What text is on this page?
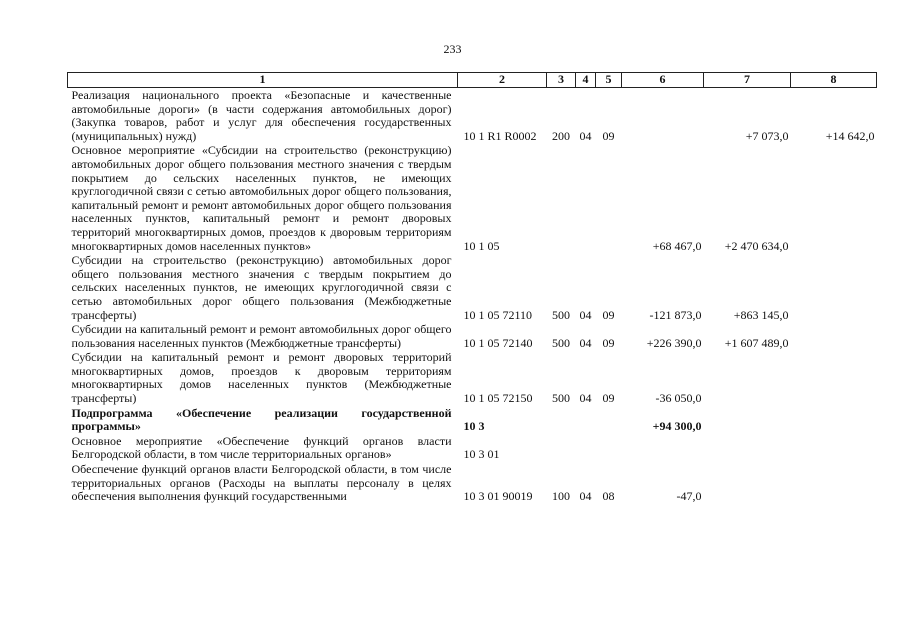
233
1	2	3	4	5	6	7	8
Реализация национального проекта «Безопасные и качественные автомобильные дороги» (в части содержания автомобильных дорог) (Закупка товаров, работ и услуг для обеспечения государственных (муниципальных) нужд)	10 1 R1 R0002	200	04	09		+7 073,0	+14 642,0
Основное мероприятие «Субсидии на строительство (реконструкцию) автомобильных дорог общего пользования местного значения с твердым покрытием до сельских населенных пунктов, не имеющих круглогодичной связи с сетью автомобильных дорог общего пользования, капитальный ремонт и ремонт автомобильных дорог общего пользования населенных пунктов, капитальный ремонт и ремонт дворовых территорий многоквартирных домов, проездов к дворовым территориям многоквартирных домов населенных пунктов»	10 1 05				+68 467,0	+2 470 634,0	
Субсидии на строительство (реконструкцию) автомобильных дорог общего пользования местного значения с твердым покрытием до сельских населенных пунктов, не имеющих круглогодичной связи с сетью автомобильных дорог общего пользования (Межбюджетные трансферты)	10 1 05 72110	500	04	09	-121 873,0	+863 145,0	
Субсидии на капитальный ремонт и ремонт автомобильных дорог общего пользования населенных пунктов (Межбюджетные трансферты)	10 1 05 72140	500	04	09	+226 390,0	+1 607 489,0	
Субсидии на капитальный ремонт и ремонт дворовых территорий многоквартирных домов, проездов к дворовым территориям многоквартирных домов населенных пунктов (Межбюджетные трансферты)	10 1 05 72150	500	04	09	-36 050,0		
Подпрограмма «Обеспечение реализации государственной программы»	10 3				+94 300,0		
Основное мероприятие «Обеспечение функций органов власти Белгородской области, в том числе территориальных органов»	10 3 01						
Обеспечение функций органов власти Белгородской области, в том числе территориальных органов (Расходы на выплаты персоналу в целях обеспечения выполнения функций государственными	10 3 01 90019	100	04	08	-47,0		
